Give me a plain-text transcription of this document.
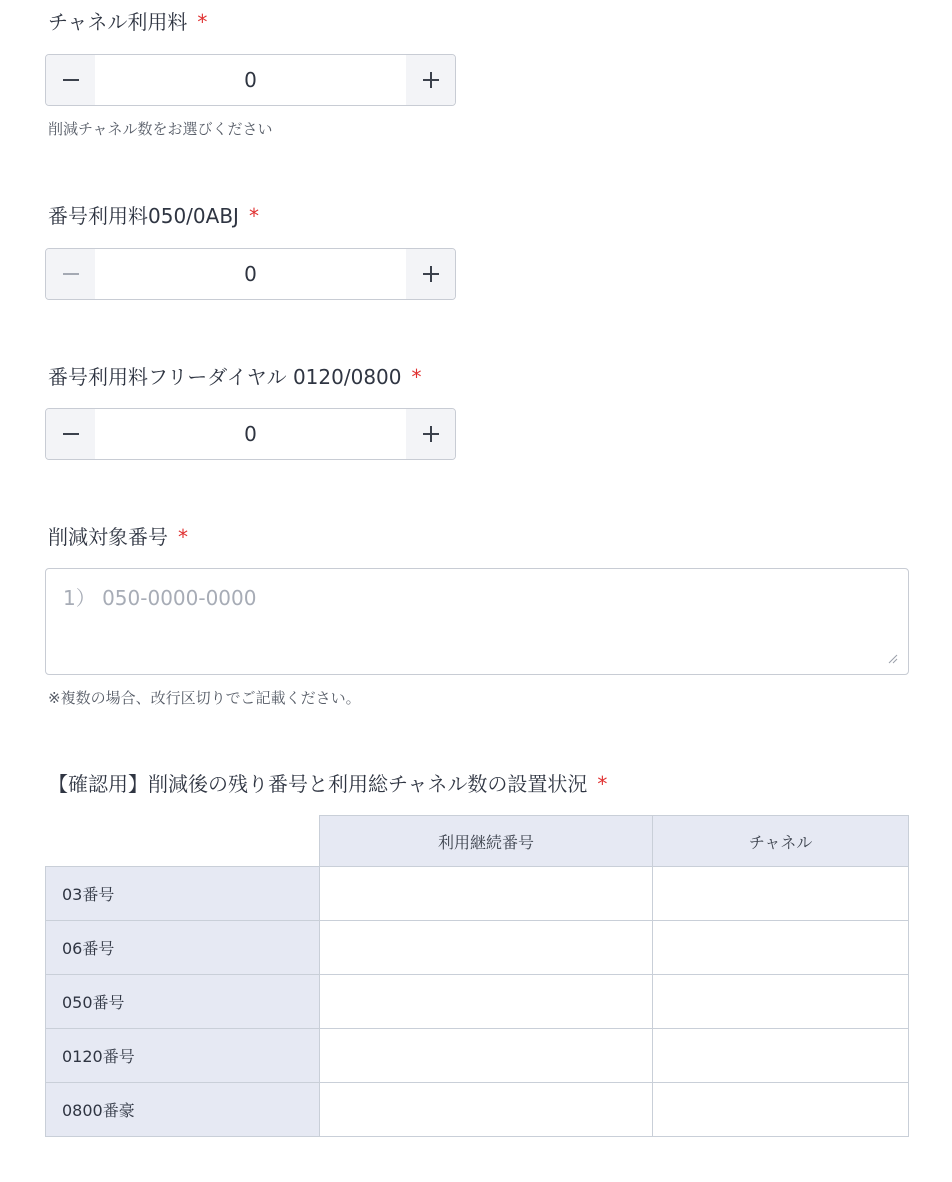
チャネル利用料 *
0
削減チャネル数をお選びください
番号利用料050/0ABJ *
0
番号利用料フリーダイヤル 0120/0800 *
0
削減対象番号 *
1） 050-0000-0000
※複数の場合、改行区切りでご記載ください。
【確認用】削減後の残り番号と利用総チャネル数の設置状況 *
	利用継続番号	チャネル
03番号		
06番号		
050番号		
0120番号		
0800番豪		
